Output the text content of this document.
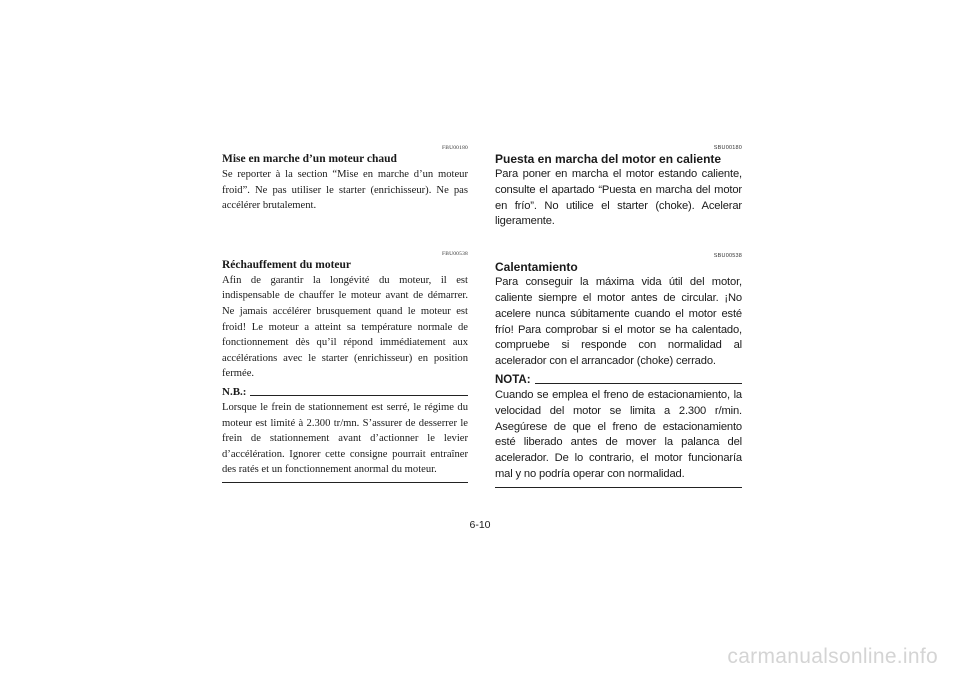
FBU00180
Mise en marche d’un moteur chaud

Se reporter à la section “Mise en marche d’un moteur froid”. Ne pas utiliser le starter (enrichisseur). Ne pas accélérer brutalement.

FBU00538
Réchauffement du moteur

Afin de garantir la longévité du moteur, il est indispensable de chauffer le moteur avant de démarrer. Ne jamais accélérer brusquement quand le moteur est froid! Le moteur a atteint sa température normale de fonctionnement dès qu’il répond immédiatement aux accélérations avec le starter (enrichisseur) en position fermée.

N.B.:

Lorsque le frein de stationnement est serré, le régime du moteur est limité à 2.300 tr/mn. S’assurer de desserrer le frein de stationnement avant d’actionner le levier d’accélération. Ignorer cette consigne pourrait entraîner des ratés et un fonctionnement anormal du moteur.

SBU00180
Puesta en marcha del motor en caliente

Para poner en marcha el motor estando caliente, consulte el apartado “Puesta en marcha del motor en frío”. No utilice el starter (choke). Acelerar ligeramente.

SBU00538
Calentamiento

Para conseguir la máxima vida útil del motor, caliente siempre el motor antes de circular. ¡No acelere nunca súbitamente cuando el motor esté frío! Para comprobar si el motor se ha calentado, compruebe si responde con normalidad al acelerador con el arrancador (choke) cerrado.

NOTA:

Cuando se emplea el freno de estacionamiento, la velocidad del motor se limita a 2.300 r/min. Asegúrese de que el freno de estacionamiento esté liberado antes de mover la palanca del acelerador. De lo contrario, el motor funcionaría mal y no podría operar con normalidad.

6-10
carmanualsonline.info
